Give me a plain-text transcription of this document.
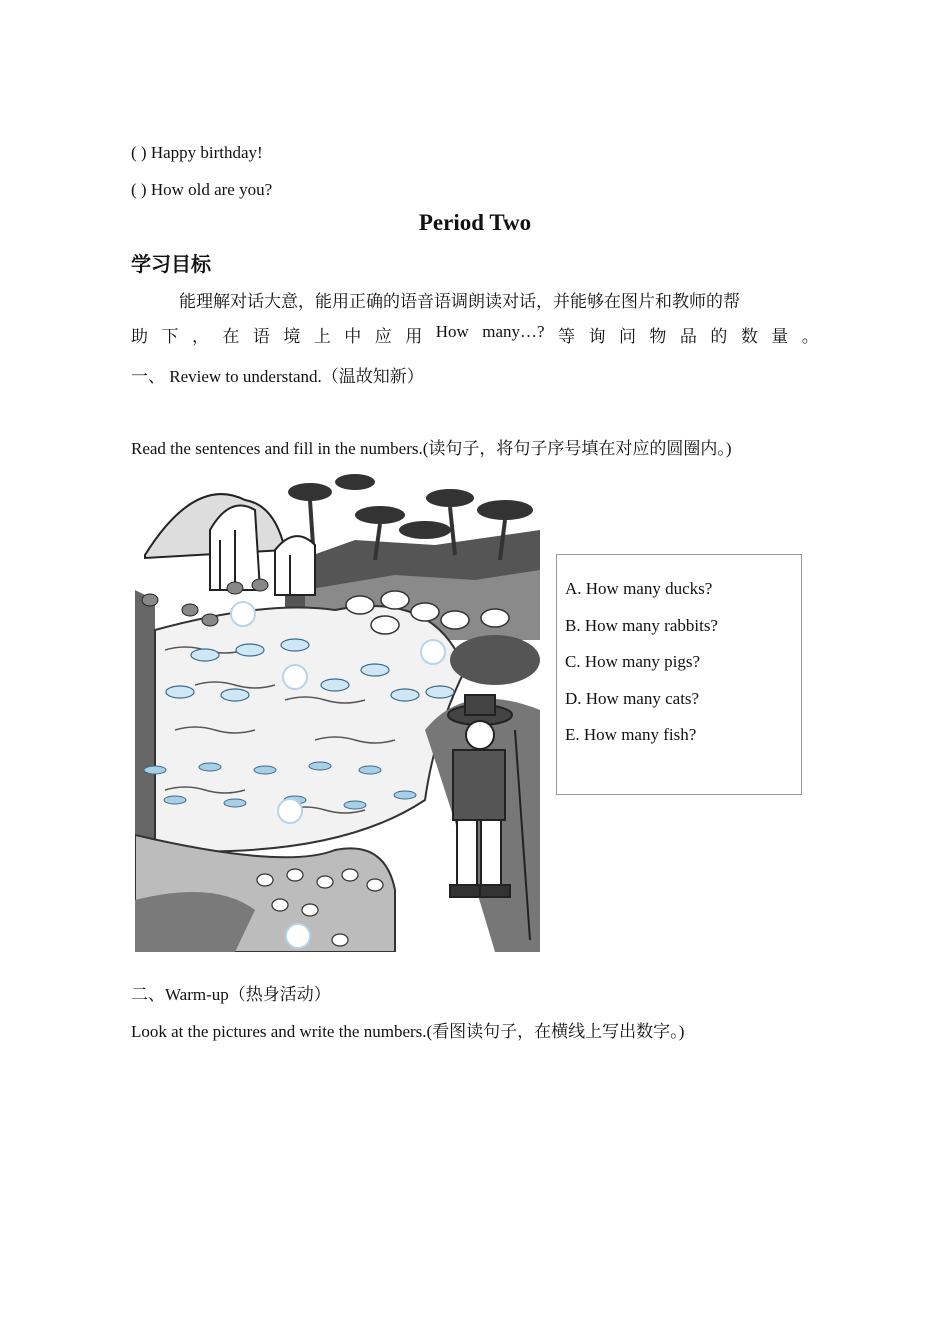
( ) Happy birthday!
( ) How old are you?
Period Two
学习目标
能理解对话大意，能用正确的语音语调朗读对话，并能够在图片和教师的帮
助 下 ， 在 语 境 上 中 应 用 How many…? 等 询 问 物 品 的 数 量 。
一、 Review to understand.（温故知新）
Read the sentences and fill in the numbers.(读句子，将句子序号填在对应的圆圈内。)
A. How many ducks?
B. How many rabbits?
C. How many pigs?
D. How many cats?
E. How many fish?
二、Warm-up（热身活动）
Look at the pictures and write the numbers.(看图读句子，在横线上写出数字。)
